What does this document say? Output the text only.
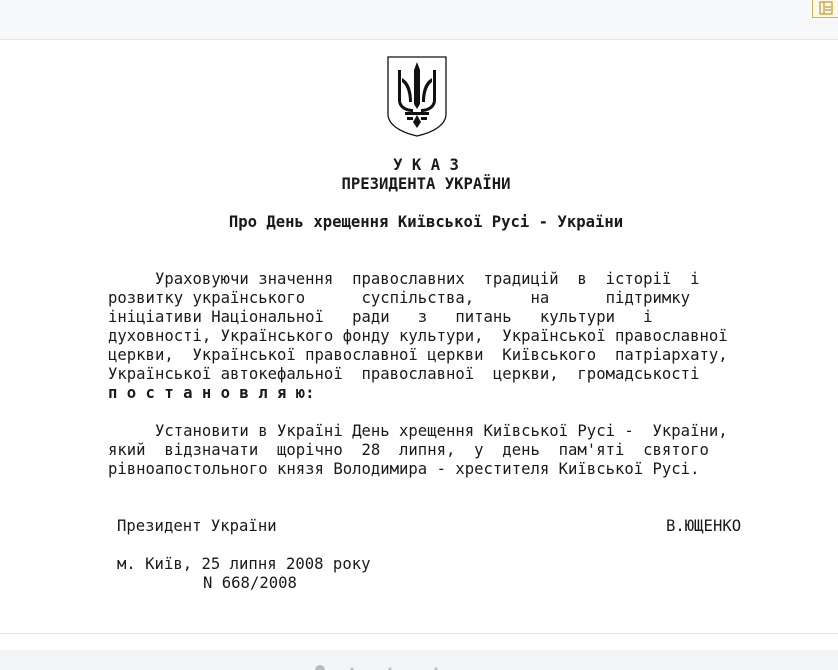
У К А З
ПРЕЗИДЕНТА УКРАЇНИ
Про День хрещення Київської Русі - України
Ураховуючи значення  православних  традицій  в  історії  і
розвитку українського      суспільства,      на      підтримку
ініціативи Національної   ради   з   питань   культури   і
духовності, Українського фонду культури,  Української православної
церкви,  Української православної церкви  Київського  патріархату,
Української автокефальної  православної  церкви,  громадськості
п о с т а н о в л я ю:
Установити в Україні День хрещення Київської Русі -  України,
який  відзначати  щорічно  28  липня,  у  день  пам'яті  святого
рівноапостольного князя Володимира - хрестителя Київської Русі.
Президент України	В.ЮЩЕНКО
м. Київ, 25 липня 2008 року
N 668/2008
